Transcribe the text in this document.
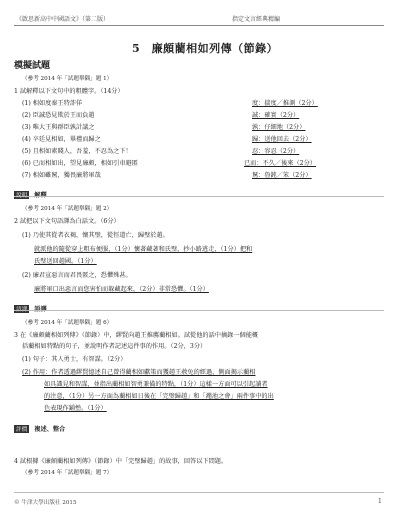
《啟思新高中中國語文》（第二版）	指定文言經典精編
5　廉頗藺相如列傳（節錄）
模擬試題
（參考 2014 年「試題舉隅」題 1）
1 試解釋以下文句中的粗體字。（14分）
(1) 相如度秦王特詐佯
(2) 臣誠恐見欺於王而負趙
(3) 唯大王與群臣孰計議之
(4) 卒廷見相如，畢禮而歸之
(5) 且相如素賤人，吾羞，不忍為之下！
(6) 已而相如出，望見廉頗，相如引車避匿
(7) 相如雖駑，獨畏廉將軍哉
度：揣度／推測（2分）
誠：確實（2分）
孰：仔細地（2分）
歸：送他回去（2分）
忍：容忍（2分）
已而：不久／後來（2分）
駑：魯鈍／笨（2分）
（參考 2014 年「試題舉隅」題 2）
2 試把以下文句語譯為白話文。（6分）
(1) 乃使其從者衣褐，懷其璧，從徑道亡，歸璧於趙。
就派他的隨從穿上粗布便服，（1分）懷著藏著和氏璧，抄小路逃走，（1分）把和
氏璧送回趙國。（1分）
(2) 廉君宣惡言而君畏匿之，恐懼殊甚。
廉將軍口出惡言而您害怕而躲藏起來，（2分）非常恐懼。（1分）
（參考 2014 年「試題舉隅」題 6）
3 在《廉頗藺相如列傳》（節錄）中，繆賢向趙王推薦藺相如。試從他的話中摘錄一個能概
括藺相如特點的句子，並說明作者記述這件事的作用。（2分，3分）
(1) 句子：其人勇士，有智謀。（2分）
(2) 作用：作者透過繆賢憶述自己曾得藺相如獻策而獲趙王赦免的經過，側面揭示藺相
如具識見和智謀，並指出藺相如智勇兼備的特點，（1分）這樣一方面可以引起讀者
的注意，（1分）另一方面為藺相如日後在「完璧歸趙」和「澠池之會」兩件事中的出
色表現作鋪墊。（1分）
評價 複述、整合
4 試根據《廉頗藺相如列傳》（節錄）中「完璧歸趙」的故事，回答以下問題。
（參考 2014 年「試題舉隅」題 7）
© 牛津大學出版社 2015	1
